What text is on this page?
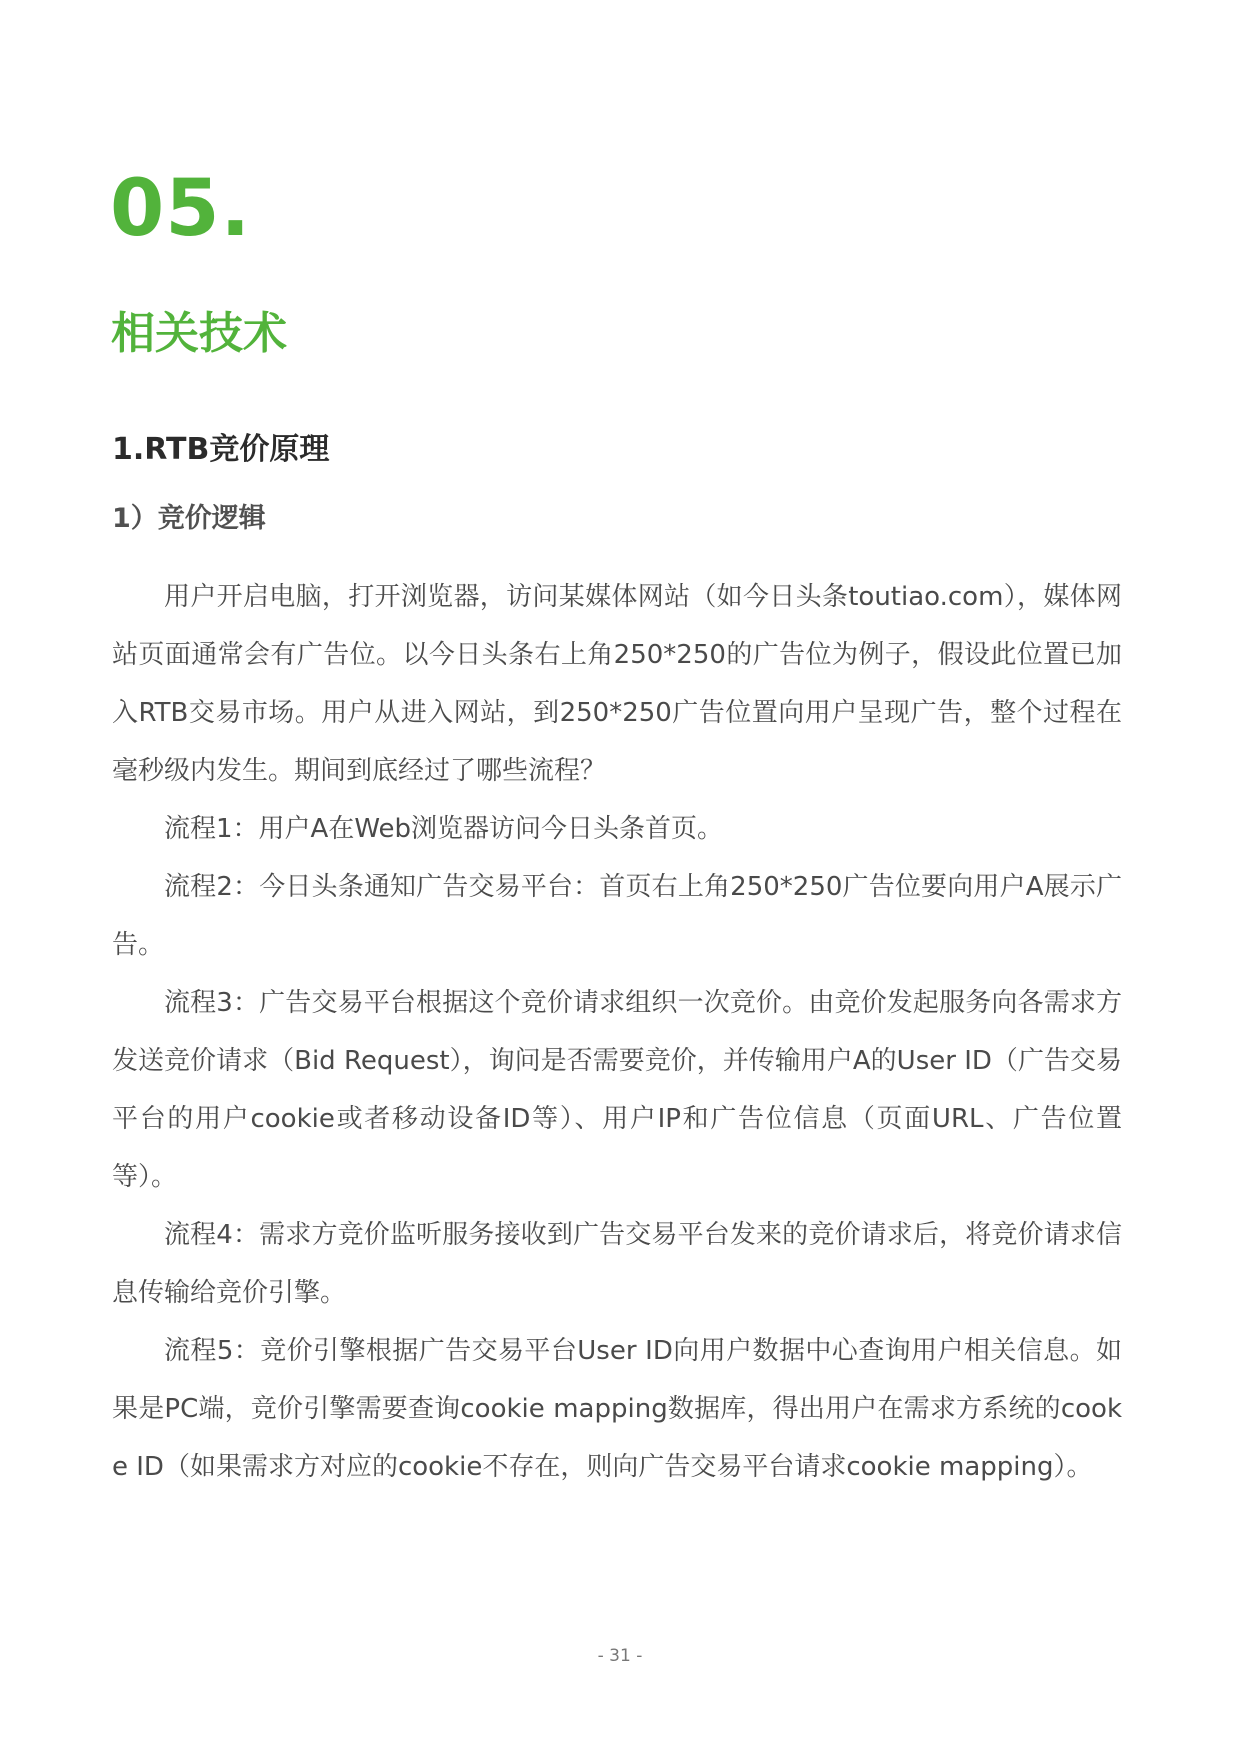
05.
相关技术
1.RTB竞价原理
1）竞价逻辑

用户开启电脑，打开浏览器，访问某媒体网站（如今日头条toutiao.com），媒体网站页面通常会有广告位。以今日头条右上角250*250的广告位为例子，假设此位置已加入RTB交易市场。用户从进入网站，到250*250广告位置向用户呈现广告，整个过程在毫秒级内发生。期间到底经过了哪些流程？

流程1：用户A在Web浏览器访问今日头条首页。

流程2：今日头条通知广告交易平台：首页右上角250*250广告位要向用户A展示广告。

流程3：广告交易平台根据这个竞价请求组织一次竞价。由竞价发起服务向各需求方发送竞价请求（Bid Request），询问是否需要竞价，并传输用户A的User ID（广告交易平台的用户cookie或者移动设备ID等）、用户IP和广告位信息（页面URL、广告位置等）。

流程4：需求方竞价监听服务接收到广告交易平台发来的竞价请求后，将竞价请求信息传输给竞价引擎。

流程5：竞价引擎根据广告交易平台User ID向用户数据中心查询用户相关信息。如果是PC端，竞价引擎需要查询cookie mapping数据库，得出用户在需求方系统的cooke ID（如果需求方对应的cookie不存在，则向广告交易平台请求cookie mapping）。

- 31 -
